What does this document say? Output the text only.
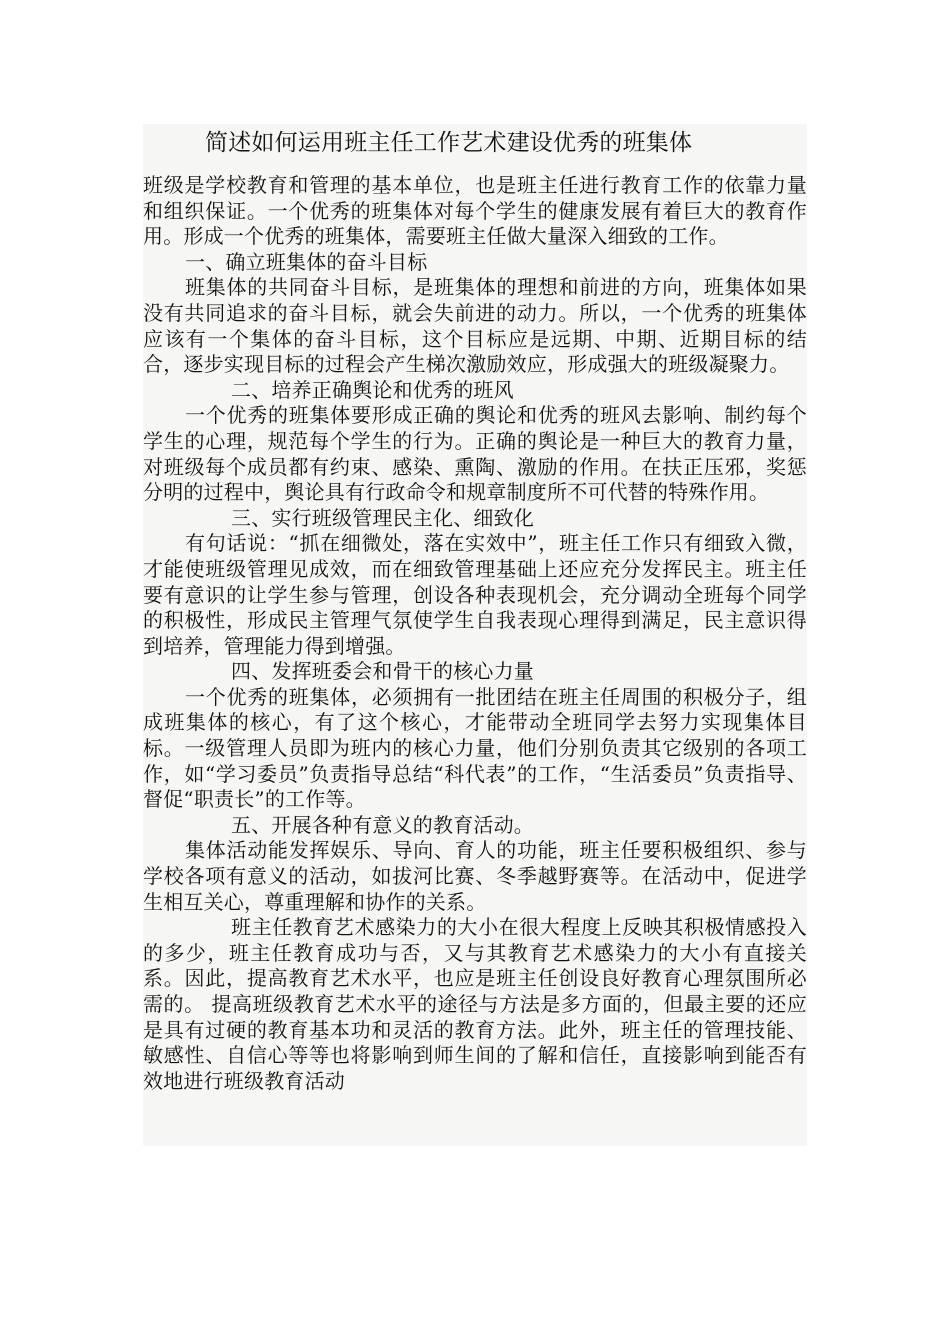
简述如何运用班主任工作艺术建设优秀的班集体

班级是学校教育和管理的基本单位，也是班主任进行教育工作的依靠力量和组织保证。一个优秀的班集体对每个学生的健康发展有着巨大的教育作用。形成一个优秀的班集体，需要班主任做大量深入细致的工作。

一、确立班集体的奋斗目标

班集体的共同奋斗目标，是班集体的理想和前进的方向，班集体如果没有共同追求的奋斗目标，就会失前进的动力。所以，一个优秀的班集体应该有一个集体的奋斗目标，这个目标应是远期、中期、近期目标的结合，逐步实现目标的过程会产生梯次激励效应，形成强大的班级凝聚力。

二、培养正确舆论和优秀的班风

一个优秀的班集体要形成正确的舆论和优秀的班风去影响、制约每个学生的心理，规范每个学生的行为。正确的舆论是一种巨大的教育力量，对班级每个成员都有约束、感染、熏陶、激励的作用。在扶正压邪，奖惩分明的过程中，舆论具有行政命令和规章制度所不可代替的特殊作用。

三、实行班级管理民主化、细致化

有句话说：“抓在细微处，落在实效中”，班主任工作只有细致入微，才能使班级管理见成效，而在细致管理基础上还应充分发挥民主。班主任要有意识的让学生参与管理，创设各种表现机会，充分调动全班每个同学的积极性，形成民主管理气氛使学生自我表现心理得到满足，民主意识得到培养，管理能力得到增强。

四、发挥班委会和骨干的核心力量

一个优秀的班集体，必须拥有一批团结在班主任周围的积极分子，组成班集体的核心，有了这个核心，才能带动全班同学去努力实现集体目标。一级管理人员即为班内的核心力量，他们分别负责其它级别的各项工作，如“学习委员”负责指导总结“科代表”的工作，“生活委员”负责指导、督促“职责长”的工作等。

五、开展各种有意义的教育活动。

集体活动能发挥娱乐、导向、育人的功能，班主任要积极组织、参与学校各项有意义的活动，如拔河比赛、冬季越野赛等。在活动中，促进学生相互关心，尊重理解和协作的关系。

班主任教育艺术感染力的大小在很大程度上反映其积极情感投入的多少，班主任教育成功与否，又与其教育艺术感染力的大小有直接关系。因此，提高教育艺术水平，也应是班主任创设良好教育心理氛围所必需的。 提高班级教育艺术水平的途径与方法是多方面的，但最主要的还应是具有过硬的教育基本功和灵活的教育方法。此外，班主任的管理技能、敏感性、自信心等等也将影响到师生间的了解和信任，直接影响到能否有效地进行班级教育活动
